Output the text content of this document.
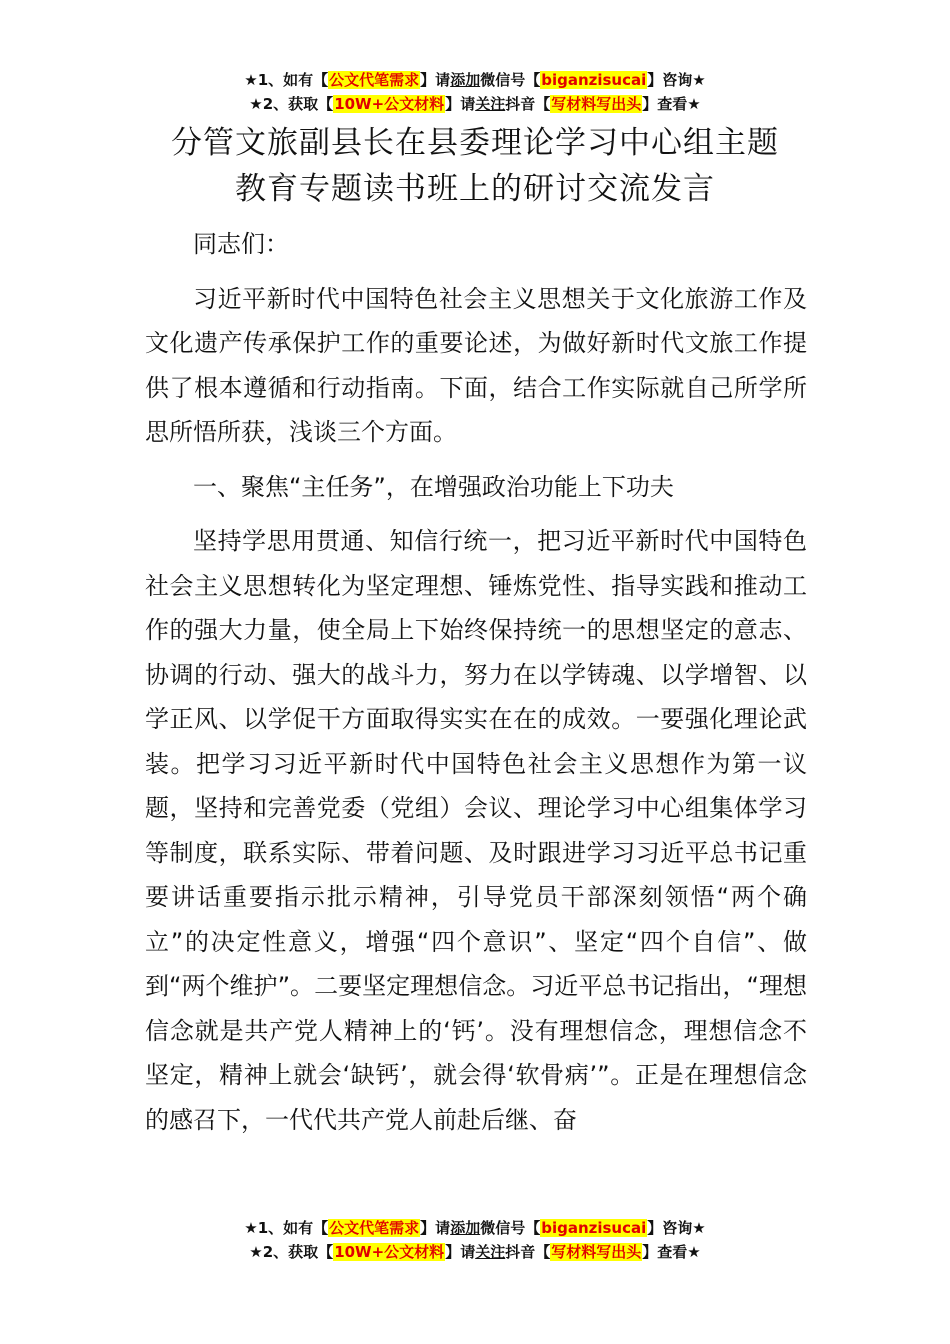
★1、如有【公文代笔需求】请添加微信号【biganzisucai】咨询★
★2、获取【10W+公文材料】请关注抖音【写材料写出头】查看★
分管文旅副县长在县委理论学习中心组主题
教育专题读书班上的研讨交流发言

同志们：

习近平新时代中国特色社会主义思想关于文化旅游工作及文化遗产传承保护工作的重要论述，为做好新时代文旅工作提供了根本遵循和行动指南。下面，结合工作实际就自己所学所思所悟所获，浅谈三个方面。

一、聚焦“主任务”，在增强政治功能上下功夫

坚持学思用贯通、知信行统一，把习近平新时代中国特色社会主义思想转化为坚定理想、锤炼党性、指导实践和推动工作的强大力量，使全局上下始终保持统一的思想坚定的意志、协调的行动、强大的战斗力，努力在以学铸魂、以学增智、以学正风、以学促干方面取得实实在在的成效。一要强化理论武装。把学习习近平新时代中国特色社会主义思想作为第一议题，坚持和完善党委（党组）会议、理论学习中心组集体学习等制度，联系实际、带着问题、及时跟进学习习近平总书记重要讲话重要指示批示精神，引导党员干部深刻领悟“两个确立”的决定性意义，增强“四个意识”、坚定“四个自信”、做到“两个维护”。二要坚定理想信念。习近平总书记指出，“理想信念就是共产党人精神上的‘钙’。没有理想信念，理想信念不坚定，精神上就会‘缺钙’，就会得‘软骨病’”。正是在理想信念的感召下，一代代共产党人前赴后继、奋

★1、如有【公文代笔需求】请添加微信号【biganzisucai】咨询★
★2、获取【10W+公文材料】请关注抖音【写材料写出头】查看★
